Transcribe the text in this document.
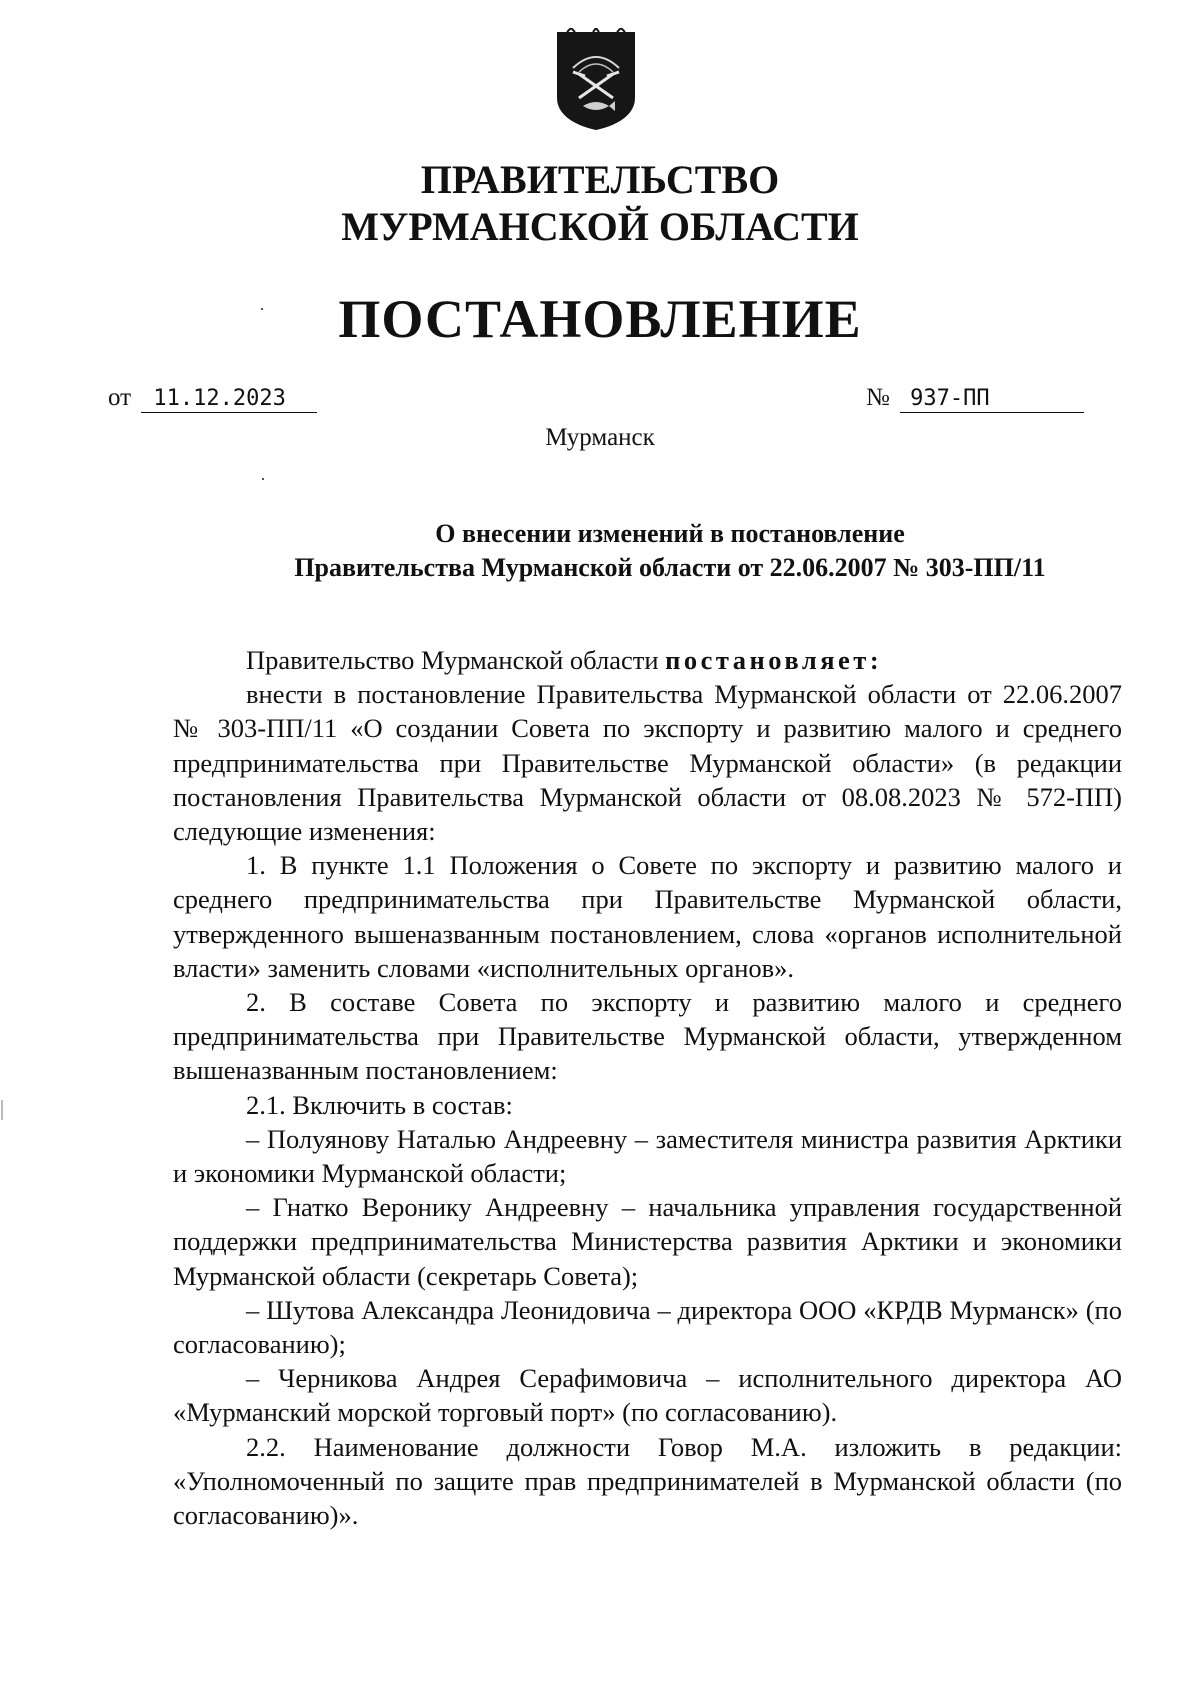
ПРАВИТЕЛЬСТВО
МУРМАНСКОЙ ОБЛАСТИ
ПОСТАНОВЛЕНИЕ
от 11.12.2023	№ 937-ПП
Мурманск
О внесении изменений в постановление
Правительства Мурманской области от 22.06.2007 № 303-ПП/11

Правительство Мурманской области постановляет:

внести в постановление Правительства Мурманской области от 22.06.2007 № 303-ПП/11 «О создании Совета по экспорту и развитию малого и среднего предпринимательства при Правительстве Мурманской области» (в редакции постановления Правительства Мурманской области от 08.08.2023 № 572-ПП) следующие изменения:

1. В пункте 1.1 Положения о Совете по экспорту и развитию малого и среднего предпринимательства при Правительстве Мурманской области, утвержденного вышеназванным постановлением, слова «органов исполнительной власти» заменить словами «исполнительных органов».

2. В составе Совета по экспорту и развитию малого и среднего предпринимательства при Правительстве Мурманской области, утвержденном вышеназванным постановлением:

2.1. Включить в состав:

– Полуянову Наталью Андреевну – заместителя министра развития Арктики и экономики Мурманской области;

– Гнатко Веронику Андреевну – начальника управления государственной поддержки предпринимательства Министерства развития Арктики и экономики Мурманской области (секретарь Совета);

– Шутова Александра Леонидовича – директора ООО «КРДВ Мурманск» (по согласованию);

– Черникова Андрея Серафимовича – исполнительного директора АО «Мурманский морской торговый порт» (по согласованию).

2.2. Наименование должности Говор М.А. изложить в редакции: «Уполномоченный по защите прав предпринимателей в Мурманской области (по согласованию)».
